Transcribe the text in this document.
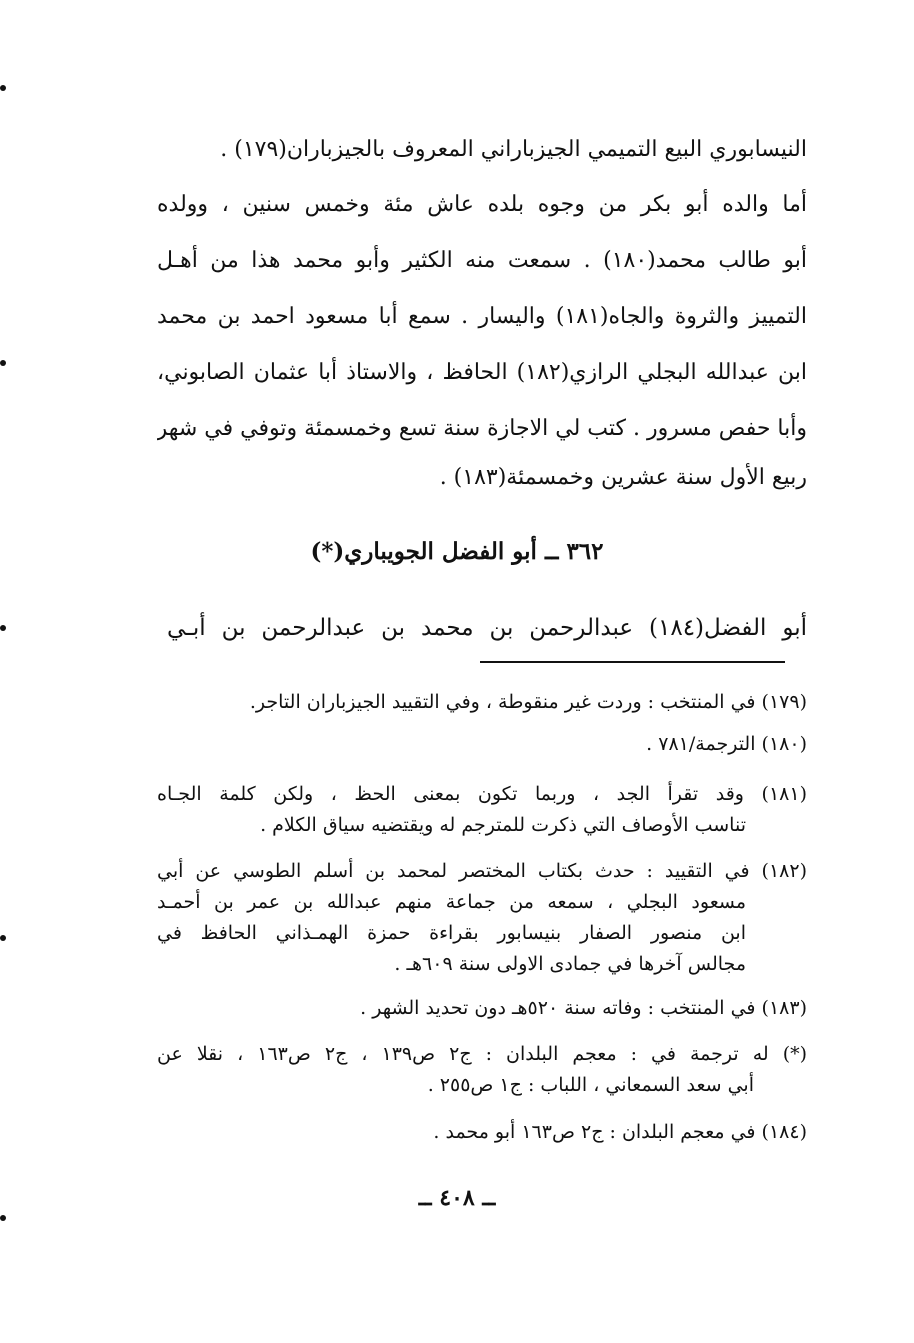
النيسابوري البيع التميمي الجيزباراني المعروف بالجيزباران(١٧٩) .
أما والده أبو بكر من وجوه بلده عاش مئة وخمس سنين ، وولده
أبو طالب محمد(١٨٠) . سمعت منه الكثير وأبو محمد هذا من أهـل
التمييز والثروة والجاه(١٨١) واليسار . سمع أبا مسعود احمد بن محمد
ابن عبدالله البجلي الرازي(١٨٢) الحافظ ، والاستاذ أبا عثمان الصابوني،
وأبا حفص مسرور . كتب لي الاجازة سنة تسع وخمسمئة وتوفي في شهر
ربيع الأول سنة عشرين وخمسمئة(١٨٣) .
٣٦٢ ــ أبو الفضل الجويباري(*)
أبو الفضل(١٨٤) عبدالرحمن بن محمد بن عبدالرحمن بن أبـي
(١٧٩) في المنتخب : وردت غير منقوطة ، وفي التقييد الجيزباران التاجر.
(١٨٠) الترجمة/٧٨١ .
(١٨١) وقد تقرأ الجد ، وربما تكون بمعنى الحظ ، ولكن كلمة الجـاه
تناسب الأوصاف التي ذكرت للمترجم له ويقتضيه سياق الكلام .
(١٨٢) في التقييد : حدث بكتاب المختصر لمحمد بن أسلم الطوسي عن أبي
مسعود البجلي ، سمعه من جماعة منهم عبدالله بن عمر بن أحمـد
ابن منصور الصفار بنيسابور بقراءة حمزة الهمـذاني الحافظ في
مجالس آخرها في جمادى الاولى سنة ٦٠٩هـ .
(١٨٣) في المنتخب : وفاته سنة ٥٢٠هـ دون تحديد الشهر .
(*) له ترجمة في : معجم البلدان : ج٢ ص١٣٩ ، ج٢ ص١٦٣ ، نقلا عن
أبي سعد السمعاني ، اللباب : ج١ ص٢٥٥ .
(١٨٤) في معجم البلدان : ج٢ ص١٦٣ أبو محمد .
ــ ٤٠٨ ــ
